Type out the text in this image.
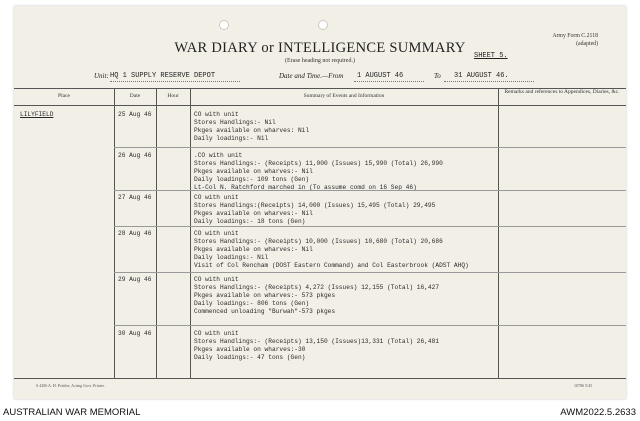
Army Form C.2118
(adapted)
WAR DIARY or INTELLIGENCE SUMMARY
(Erase heading not required.)
SHEET 5.
Unit: HQ 1 SUPPLY RESERVE DEPOT	Date and Time.—From 1 AUGUST 46	To 31 AUGUST 46.
Place	Date	Hour	Summary of Events and Information
Remarks and references to Appendices, Diaries, &c.
LILYFIELD	25 Aug 46	CO with unit
Stores Handlings:- Nil
Pkges available on wharves: Nil
Daily loadings:- Nil
26 Aug 46	.CO with unit
Stores Handlings:- (Receipts) 11,000 (Issues) 15,990 (Total) 26,990
Pkges available on wharves:- Nil
Daily loadings:- 109 tons (Gen)
Lt-Col N. Ratchford marched in (To assume comd on 16 Sep 46)
27 Aug 46	CO with unit
Stores Handlings:(Receipts) 14,000 (Issues) 15,495 (Total) 29,495
Pkges available on wharves:- Nil
Daily loadings:- 18 tons (Gen)
28 Aug 46	CO with unit
Stores Handlings:- (Receipts) 10,000 (Issues) 10,680 (Total) 20,686
Pkges available on wharves:- Nil
Daily loadings:- Nil
Visit of Col Rencham (DOST Eastern Command) and Col Easterbrook (ADST AHQ)
29 Aug 46	CO with unit
Stores Handlings:- (Receipts) 4,272 (Issues) 12,155 (Total) 16,427
Pkges available on wharves:- 573 pkges
Daily loadings:- 806 tons (Gen)
Commenced unloading "Burwah"-573 pkges
30 Aug 46	CO with unit
Stores Handlings:- (Receipts) 13,150 (Issues)13,331 (Total) 26,481
Pkges available on wharves:-30
Daily loadings:- 47 tons (Gen)
S 4206 A. H. Pettifer, Acting Govt. Printer.	10786 5/45
AUSTRALIAN WAR MEMORIAL	AWM2022.5.2633
